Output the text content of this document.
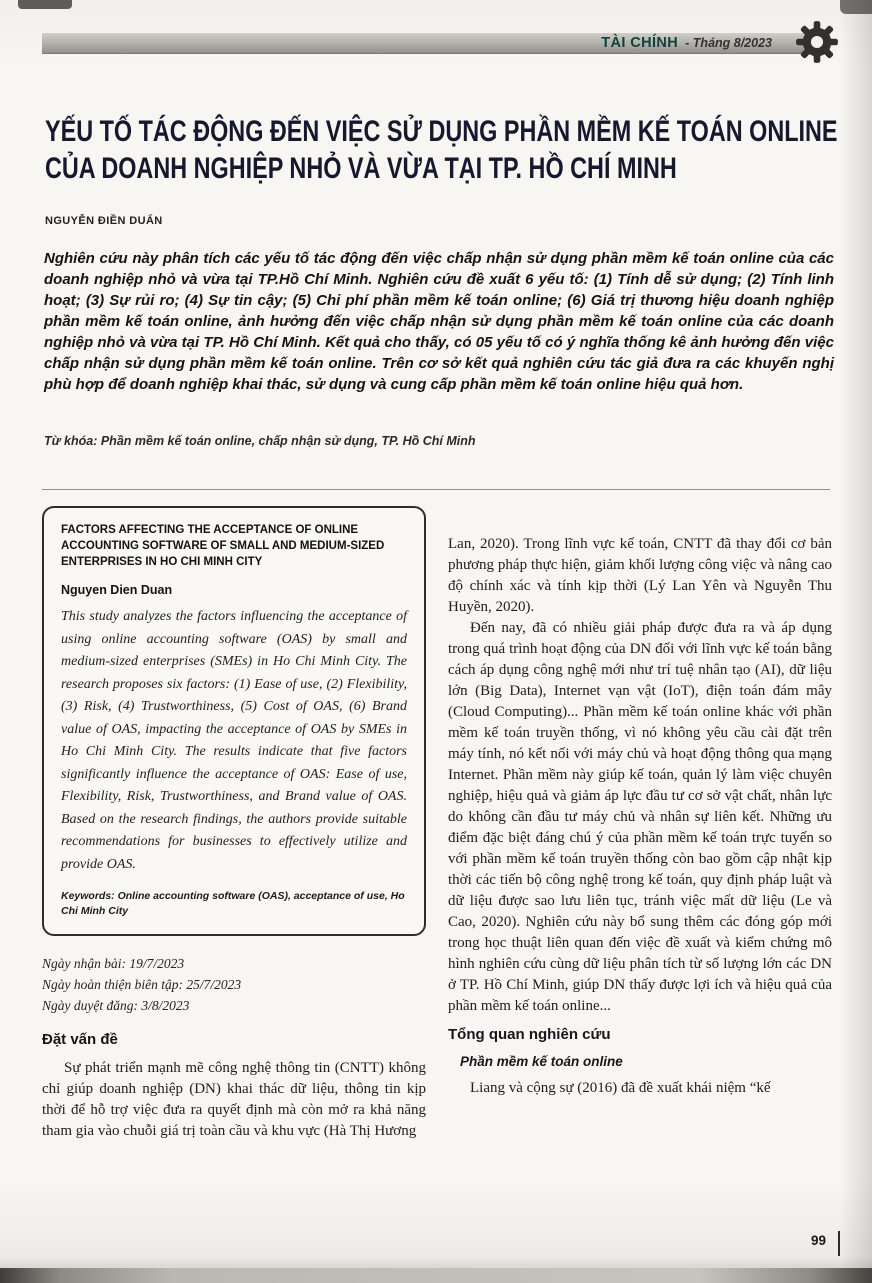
TÀI CHÍNH - Tháng 8/2023
YẾU TỐ TÁC ĐỘNG ĐẾN VIỆC SỬ DỤNG PHẦN MỀM KẾ TOÁN ONLINE
CỦA DOANH NGHIỆP NHỎ VÀ VỪA TẠI TP. HỒ CHÍ MINH
NGUYỄN ĐIỀN DUẨN
Nghiên cứu này phân tích các yếu tố tác động đến việc chấp nhận sử dụng phần mềm kế toán online của các doanh nghiệp nhỏ và vừa tại TP.Hồ Chí Minh. Nghiên cứu đề xuất 6 yếu tố: (1) Tính dễ sử dụng; (2) Tính linh hoạt; (3) Sự rủi ro; (4) Sự tin cậy; (5) Chi phí phần mềm kế toán online; (6) Giá trị thương hiệu doanh nghiệp phần mềm kế toán online, ảnh hưởng đến việc chấp nhận sử dụng phần mềm kế toán online của các doanh nghiệp nhỏ và vừa tại TP. Hồ Chí Minh. Kết quả cho thấy, có 05 yếu tố có ý nghĩa thống kê ảnh hưởng đến việc chấp nhận sử dụng phần mềm kế toán online. Trên cơ sở kết quả nghiên cứu tác giả đưa ra các khuyến nghị phù hợp để doanh nghiệp khai thác, sử dụng và cung cấp phần mềm kế toán online hiệu quả hơn.
Từ khóa: Phần mềm kế toán online, chấp nhận sử dụng, TP. Hồ Chí Minh
FACTORS AFFECTING THE ACCEPTANCE OF ONLINE ACCOUNTING SOFTWARE OF SMALL AND MEDIUM-SIZED ENTERPRISES IN HO CHI MINH CITY
Nguyen Dien Duan
This study analyzes the factors influencing the acceptance of using online accounting software (OAS) by small and medium-sized enterprises (SMEs) in Ho Chi Minh City. The research proposes six factors: (1) Ease of use, (2) Flexibility, (3) Risk, (4) Trustworthiness, (5) Cost of OAS, (6) Brand value of OAS, impacting the acceptance of OAS by SMEs in Ho Chi Minh City. The results indicate that five factors significantly influence the acceptance of OAS: Ease of use, Flexibility, Risk, Trustworthiness, and Brand value of OAS. Based on the research findings, the authors provide suitable recommendations for businesses to effectively utilize and provide OAS.
Keywords: Online accounting software (OAS), acceptance of use, Ho Chi Minh City
Ngày nhận bài: 19/7/2023
Ngày hoàn thiện biên tập: 25/7/2023
Ngày duyệt đăng: 3/8/2023
Đặt vấn đề

Sự phát triển mạnh mẽ công nghệ thông tin (CNTT) không chỉ giúp doanh nghiệp (DN) khai thác dữ liệu, thông tin kịp thời để hỗ trợ việc đưa ra quyết định mà còn mở ra khả năng tham gia vào chuỗi giá trị toàn cầu và khu vực (Hà Thị Hương

Lan, 2020). Trong lĩnh vực kế toán, CNTT đã thay đổi cơ bản phương pháp thực hiện, giảm khối lượng công việc và nâng cao độ chính xác và tính kịp thời (Lý Lan Yên và Nguyễn Thu Huyền, 2020).

Đến nay, đã có nhiều giải pháp được đưa ra và áp dụng trong quá trình hoạt động của DN đối với lĩnh vực kế toán bằng cách áp dụng công nghệ mới như trí tuệ nhân tạo (AI), dữ liệu lớn (Big Data), Internet vạn vật (IoT), điện toán đám mây (Cloud Computing)... Phần mềm kế toán online khác với phần mềm kế toán truyền thống, vì nó không yêu cầu cài đặt trên máy tính, nó kết nối với máy chủ và hoạt động thông qua mạng Internet. Phần mềm này giúp kế toán, quản lý làm việc chuyên nghiệp, hiệu quả và giảm áp lực đầu tư cơ sở vật chất, nhân lực do không cần đầu tư máy chủ và nhân sự liên kết. Những ưu điểm đặc biệt đáng chú ý của phần mềm kế toán trực tuyến so với phần mềm kế toán truyền thống còn bao gồm cập nhật kịp thời các tiến bộ công nghệ trong kế toán, quy định pháp luật và dữ liệu được sao lưu liên tục, tránh việc mất dữ liệu (Le và Cao, 2020). Nghiên cứu này bổ sung thêm các đóng góp mới trong học thuật liên quan đến việc đề xuất và kiểm chứng mô hình nghiên cứu cùng dữ liệu phân tích từ số lượng lớn các DN ở TP. Hồ Chí Minh, giúp DN thấy được lợi ích và hiệu quả của phần mềm kế toán online...

Tổng quan nghiên cứu
Phần mềm kế toán online

Liang và cộng sự (2016) đã đề xuất khái niệm “kế

99
